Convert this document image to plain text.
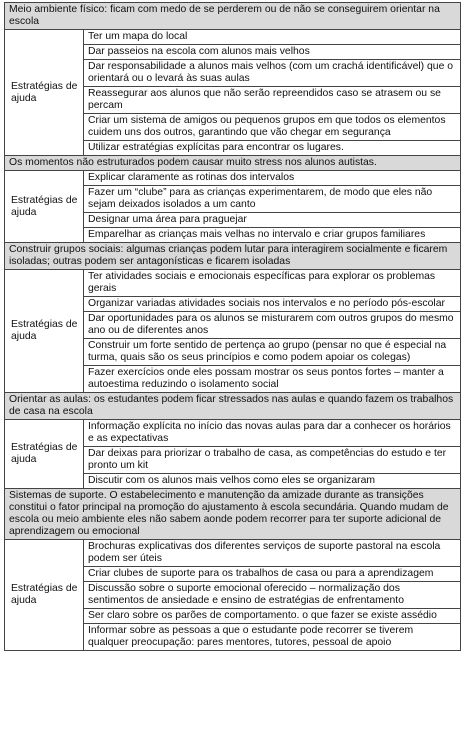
Meio ambiente físico: ficam com medo de se perderem ou de não se conseguirem orientar na escola	
Estratégias de ajuda	Ter um mapa do local
	Dar passeios na escola com alunos mais velhos
	Dar responsabilidade a alunos mais velhos (com um crachá identificável) que o orientará ou o levará às suas aulas
	Reassegurar aos alunos que não serão repreendidos caso se atrasem ou se percam
	Criar um sistema de amigos ou pequenos grupos em que todos os elementos cuidem uns dos outros, garantindo que vão chegar em segurança
	Utilizar estratégias explícitas para encontrar os lugares.
Os momentos não estruturados podem causar muito stress nos alunos autistas.	
Estratégias de ajuda	Explicar claramente as rotinas dos intervalos
	Fazer um “clube” para as crianças experimentarem, de modo que eles não sejam deixados isolados a um canto
	Designar uma área para praguejar
	Emparelhar as crianças mais velhas no intervalo e criar grupos familiares
Construir grupos sociais: algumas crianças podem lutar para interagirem socialmente e ficarem isoladas; outras podem ser antagonísticas e ficarem isoladas	
Estratégias de ajuda	Ter atividades sociais e emocionais específicas para explorar os problemas gerais
	Organizar variadas atividades sociais nos intervalos e no período pós-escolar
	Dar oportunidades para os alunos se misturarem com outros grupos do mesmo ano ou de diferentes anos
	Construir um forte sentido de pertença ao grupo (pensar no que é especial na turma, quais são os seus princípios e como podem apoiar os colegas)
	Fazer exercícios onde eles possam mostrar os seus pontos fortes – manter a autoestima reduzindo o isolamento social
Orientar as aulas: os estudantes podem ficar stressados nas aulas e quando fazem os trabalhos de casa na escola	
Estratégias de ajuda	Informação explícita no início das novas aulas para dar a conhecer os horários e as expectativas
	Dar deixas para priorizar o trabalho de casa, as competências do estudo e ter pronto um kit
	Discutir com os alunos mais velhos como eles se organizaram
Sistemas de suporte. O estabelecimento e manutenção da amizade durante as transições constitui o fator principal na promoção do ajustamento à escola secundária. Quando mudam de escola ou meio ambiente eles não sabem aonde podem recorrer para ter suporte adicional de aprendizagem ou emocional	
Estratégias de ajuda	Brochuras explicativas dos diferentes serviços de suporte pastoral na escola podem ser úteis
	Criar clubes de suporte para os trabalhos de casa ou para a aprendizagem
	Discussão sobre o suporte emocional oferecido – normalização dos sentimentos de ansiedade e ensino de estratégias de enfrentamento
	Ser claro sobre os parões de comportamento. o que fazer se existe assédio
	Informar sobre as pessoas a que o estudante pode recorrer se tiverem qualquer preocupação: pares mentores, tutores, pessoal de apoio
